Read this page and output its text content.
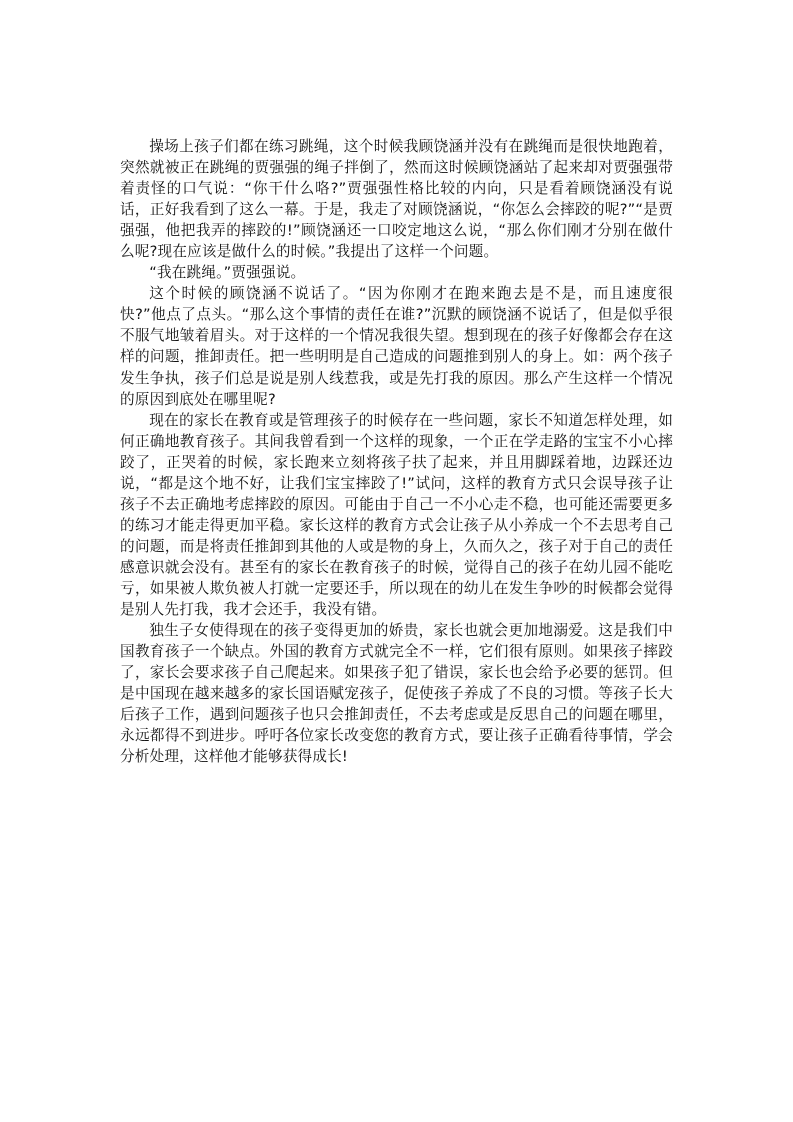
操场上孩子们都在练习跳绳，这个时候我顾饶涵并没有在跳绳而是很快地跑着，突然就被正在跳绳的贾强强的绳子拌倒了，然而这时候顾饶涵站了起来却对贾强强带着责怪的口气说：“你干什么咯?”贾强强性格比较的内向，只是看着顾饶涵没有说话，正好我看到了这么一幕。于是，我走了对顾饶涵说，“你怎么会摔跤的呢?”“是贾强强，他把我弄的摔跤的!”顾饶涵还一口咬定地这么说，“那么你们刚才分别在做什么呢?现在应该是做什么的时候。”我提出了这样一个问题。

“我在跳绳。”贾强强说。

这个时候的顾饶涵不说话了。“因为你刚才在跑来跑去是不是，而且速度很快?”他点了点头。“那么这个事情的责任在谁?”沉默的顾饶涵不说话了，但是似乎很不服气地皱着眉头。对于这样的一个情况我很失望。想到现在的孩子好像都会存在这样的问题，推卸责任。把一些明明是自己造成的问题推到别人的身上。如：两个孩子发生争执，孩子们总是说是别人线惹我，或是先打我的原因。那么产生这样一个情况的原因到底处在哪里呢?

现在的家长在教育或是管理孩子的时候存在一些问题，家长不知道怎样处理，如何正确地教育孩子。其间我曾看到一个这样的现象，一个正在学走路的宝宝不小心摔跤了，正哭着的时候，家长跑来立刻将孩子扶了起来，并且用脚踩着地，边踩还边说，“都是这个地不好，让我们宝宝摔跤了!”试问，这样的教育方式只会误导孩子让孩子不去正确地考虑摔跤的原因。可能由于自己一不小心走不稳，也可能还需要更多的练习才能走得更加平稳。家长这样的教育方式会让孩子从小养成一个不去思考自己的问题，而是将责任推卸到其他的人或是物的身上，久而久之，孩子对于自己的责任感意识就会没有。甚至有的家长在教育孩子的时候，觉得自己的孩子在幼儿园不能吃亏，如果被人欺负被人打就一定要还手，所以现在的幼儿在发生争吵的时候都会觉得是别人先打我，我才会还手，我没有错。

独生子女使得现在的孩子变得更加的娇贵，家长也就会更加地溺爱。这是我们中国教育孩子一个缺点。外国的教育方式就完全不一样，它们很有原则。如果孩子摔跤了，家长会要求孩子自己爬起来。如果孩子犯了错误，家长也会给予必要的惩罚。但是中国现在越来越多的家长国语赋宠孩子，促使孩子养成了不良的习惯。等孩子长大后孩子工作，遇到问题孩子也只会推卸责任，不去考虑或是反思自己的问题在哪里，永远都得不到进步。呼吁各位家长改变您的教育方式，要让孩子正确看待事情，学会分析处理，这样他才能够获得成长!
